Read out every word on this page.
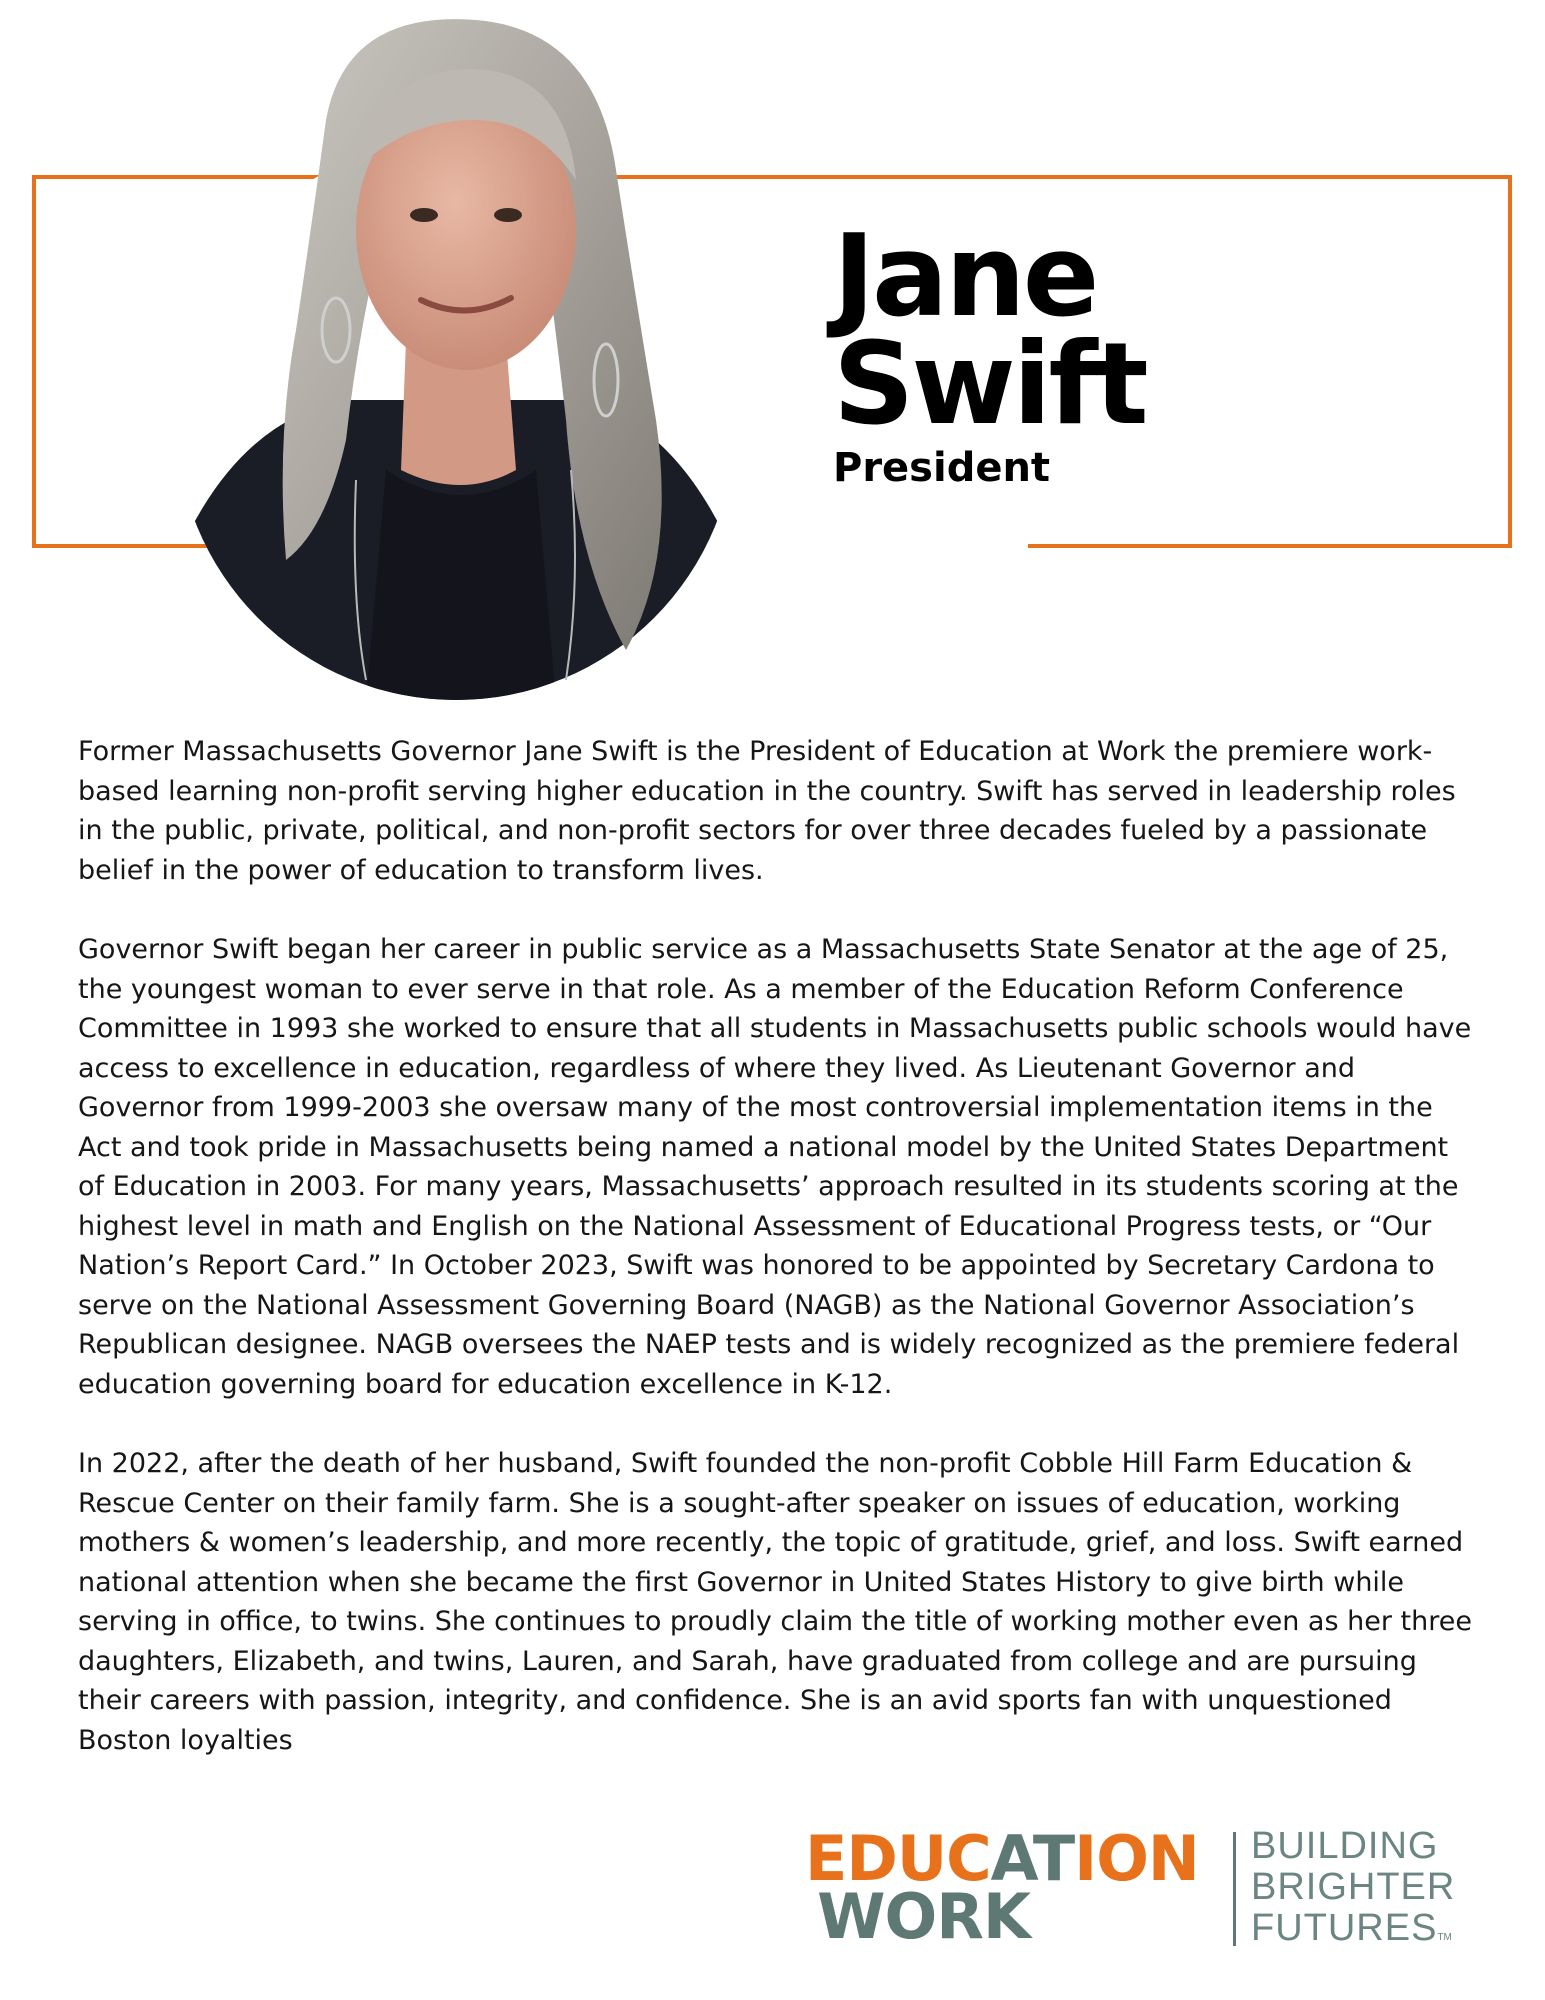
Jane
Swift
President

Former Massachusetts Governor Jane Swift is the President of Education at Work the premiere work-based learning non-profit serving higher education in the country. Swift has served in leadership roles in the public, private, political, and non-profit sectors for over three decades fueled by a passionate belief in the power of education to transform lives.

Governor Swift began her career in public service as a Massachusetts State Senator at the age of 25, the youngest woman to ever serve in that role. As a member of the Education Reform Conference Committee in 1993 she worked to ensure that all students in Massachusetts public schools would have access to excellence in education, regardless of where they lived. As Lieutenant Governor and Governor from 1999-2003 she oversaw many of the most controversial implementation items in the Act and took pride in Massachusetts being named a national model by the United States Department of Education in 2003. For many years, Massachusetts’ approach resulted in its students scoring at the highest level in math and English on the National Assessment of Educational Progress tests, or “Our Nation’s Report Card.” In October 2023, Swift was honored to be appointed by Secretary Cardona to serve on the National Assessment Governing Board (NAGB) as the National Governor Association’s Republican designee. NAGB oversees the NAEP tests and is widely recognized as the premiere federal education governing board for education excellence in K-12.

In 2022, after the death of her husband, Swift founded the non-profit Cobble Hill Farm Education & Rescue Center on their family farm. She is a sought-after speaker on issues of education, working mothers & women’s leadership, and more recently, the topic of gratitude, grief, and loss. Swift earned national attention when she became the first Governor in United States History to give birth while serving in office, to twins. She continues to proudly claim the title of working mother even as her three daughters, Elizabeth, and twins, Lauren, and Sarah, have graduated from college and are pursuing their careers with passion, integrity, and confidence. She is an avid sports fan with unquestioned Boston loyalties

EDUCATION
WORK
BUILDING
BRIGHTER
FUTURESTM
